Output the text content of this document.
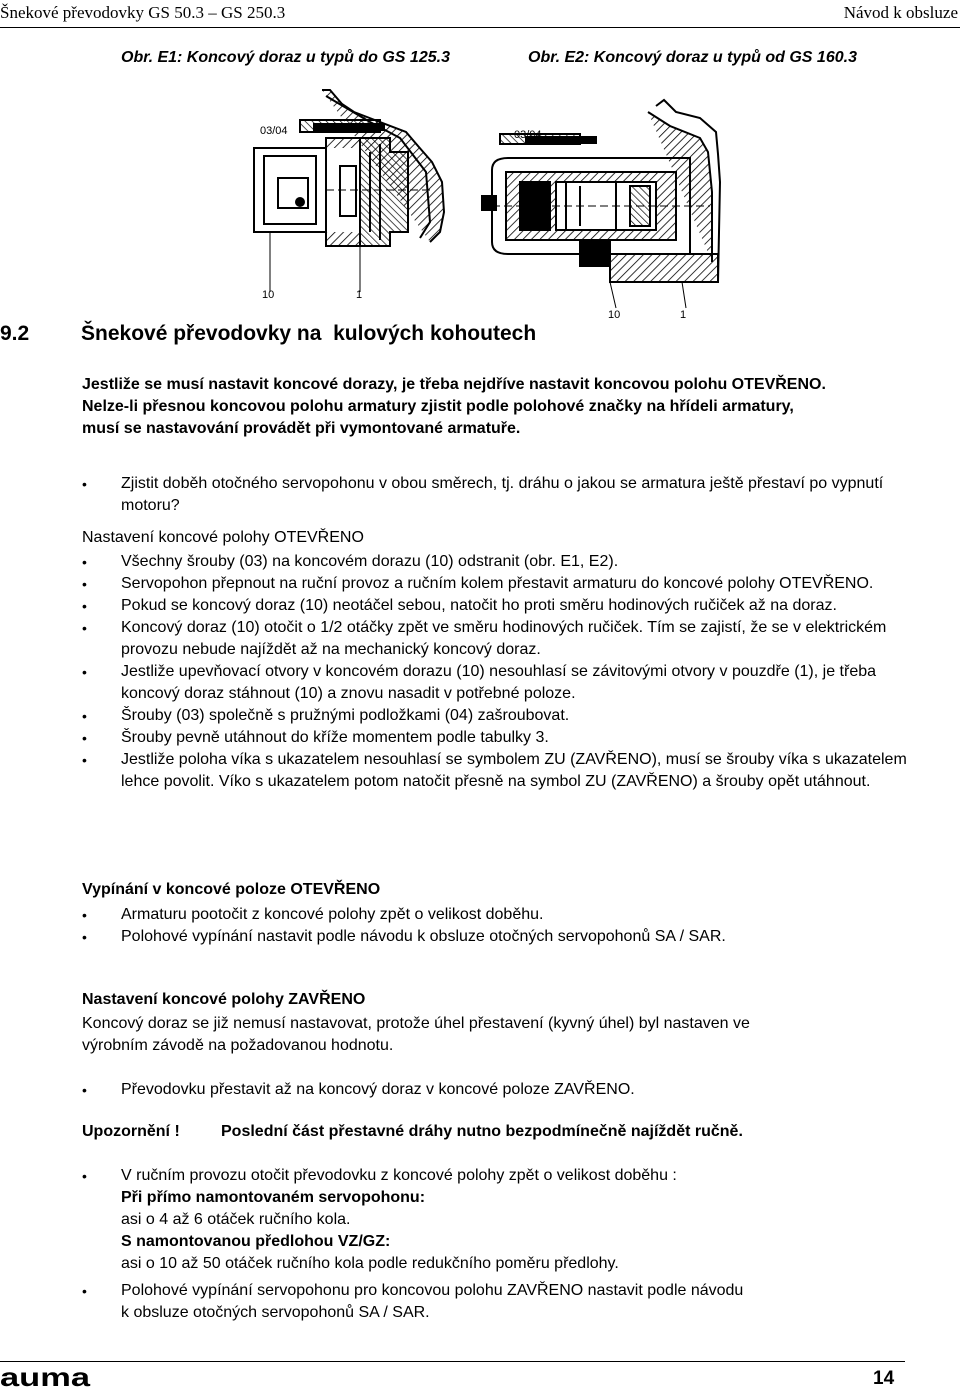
Šnekové převodovky GS 50.3 – GS 250.3	Návod k obsluze
Obr. E1: Koncový doraz u typů do GS 125.3	Obr. E2: Koncový doraz u typů od GS 160.3
03/04
10	1
03/04
10	1
9.2 Šnekové převodovky na  kulových kohoutech
Jestliže se musí nastavit koncové dorazy, je třeba nejdříve nastavit koncovou polohu OTEVŘENO.
Nelze-li přesnou koncovou polohu armatury zjistit podle polohové značky na hřídeli armatury,
musí se nastavování provádět při vymontované armatuře.
• Zjistit doběh otočného servopohonu v obou směrech, tj. dráhu o jakou se armatura ještě přestaví po vypnutí motoru?
Nastavení koncové polohy OTEVŘENO
• Všechny šrouby (03) na koncovém dorazu (10) odstranit (obr. E1, E2).
• Servopohon přepnout na ruční provoz a ručním kolem přestavit armaturu do koncové polohy OTEVŘENO.
• Pokud se koncový doraz (10) neotáčel sebou, natočit ho proti směru hodinových ručiček až na doraz.
• Koncový doraz (10) otočit o 1/2 otáčky zpět ve směru hodinových ručiček. Tím se zajistí, že se v elektrickém provozu nebude najíždět až na mechanický koncový doraz.
• Jestliže upevňovací otvory v koncovém dorazu (10) nesouhlasí se závitovými otvory v pouzdře (1), je třeba koncový doraz stáhnout (10) a znovu nasadit v potřebné poloze.
• Šrouby (03) společně s pružnými podložkami (04) zašroubovat.
• Šrouby pevně utáhnout do kříže momentem podle tabulky 3.
• Jestliže poloha víka s ukazatelem nesouhlasí se symbolem ZU (ZAVŘENO), musí se šrouby víka s ukazatelem lehce povolit. Víko s ukazatelem potom natočit přesně na symbol ZU (ZAVŘENO) a šrouby opět utáhnout.
Vypínání v koncové poloze OTEVŘENO
• Armaturu pootočit z koncové polohy zpět o velikost doběhu.
• Polohové vypínání nastavit podle návodu k obsluze otočných servopohonů SA / SAR.
Nastavení koncové polohy ZAVŘENO
Koncový doraz se již nemusí nastavovat, protože úhel přestavení (kyvný úhel) byl nastaven ve
výrobním závodě na požadovanou hodnotu.
• Převodovku přestavit až na koncový doraz v koncové poloze ZAVŘENO.
Upozornění !	Poslední část přestavné dráhy nutno bezpodmínečně najíždět ručně.
• V ručním provozu otočit převodovku z koncové polohy zpět o velikost doběhu :
Při přímo namontovaném servopohonu:
asi o 4 až 6 otáček ručního kola.
S namontovanou předlohou VZ/GZ:
asi o 10 až 50 otáček ručního kola podle redukčního poměru předlohy.
• Polohové vypínání servopohonu pro koncovou polohu ZAVŘENO nastavit podle návodu
k obsluze otočných servopohonů SA / SAR.
auma	14
